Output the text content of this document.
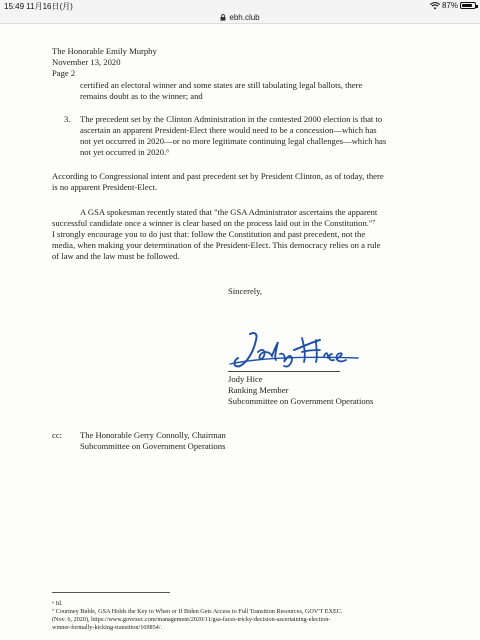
15:49 11月16日(月)	87%
ebh.club
The Honorable Emily Murphy
November 13, 2020
Page 2
certified an electoral winner and some states are still tabulating legal ballots, there
remains doubt as to the winner; and
3. The precedent set by the Clinton Administration in the contested 2000 election is that to
ascertain an apparent President-Elect there would need to be a concession—which has
not yet occurred in 2020—or no more legitimate continuing legal challenges—which has
not yet occurred in 2020.⁶
According to Congressional intent and past precedent set by President Clinton, as of today, there
is no apparent President-Elect.
A GSA spokesman recently stated that "the GSA Administrator ascertains the apparent
successful candidate once a winner is clear based on the process laid out in the Constitution."⁷
I strongly encourage you to do just that: follow the Constitution and past precedent, not the
media, when making your determination of the President-Elect. This democracy relies on a rule
of law and the law must be followed.
Sincerely,
Jody Hice
Ranking Member
Subcommittee on Government Operations
cc: The Honorable Gerry Connolly, Chairman
Subcommittee on Government Operations
⁶ Id.
⁷ Courtney Buble, GSA Holds the Key to When or If Biden Gets Access to Full Transition Resources, GOV'T EXEC.
(Nov. 6, 2020), https://www.govexec.com/management/2020/11/gsa-faces-tricky-decision-ascertaining-election-
winner-formally-kicking-transition/169854/.
